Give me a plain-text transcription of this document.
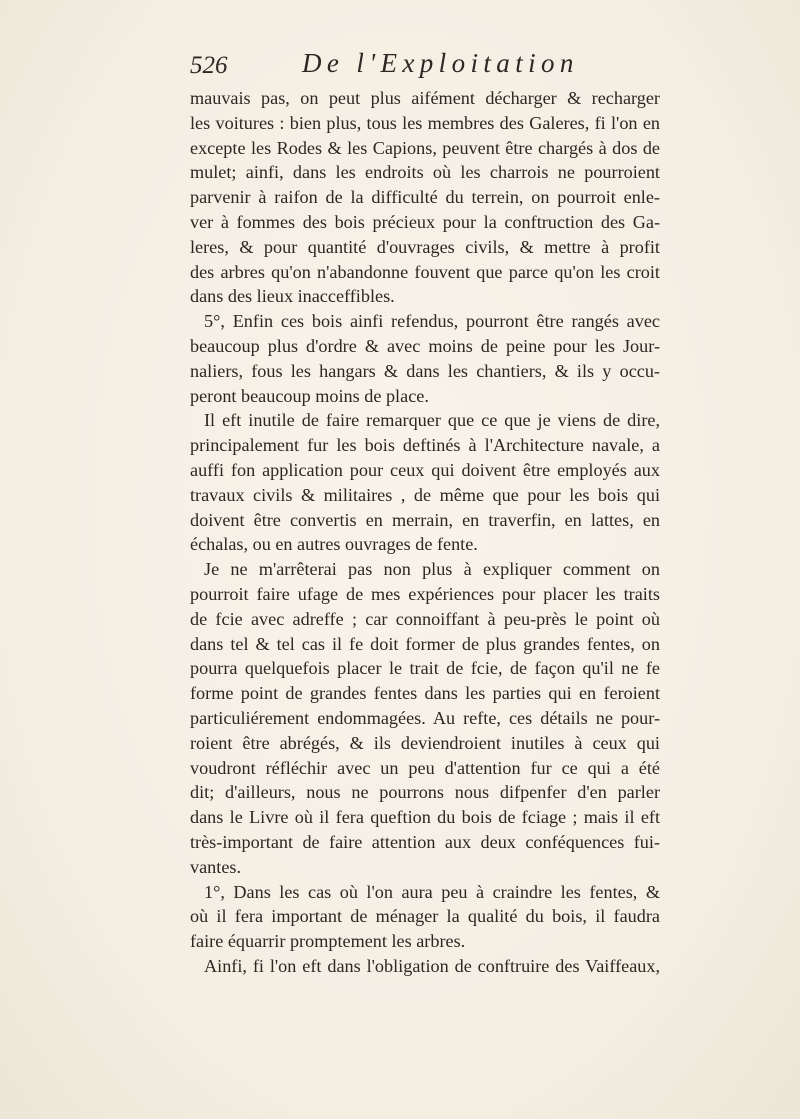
526	De l'Exploitation
mauvais pas, on peut plus aifément décharger & recharger
les voitures : bien plus, tous les membres des Galeres, fi l'on en
excepte les Rodes & les Capions, peuvent être chargés à dos de
mulet; ainfi, dans les endroits où les charrois ne pourroient
parvenir à raifon de la difficulté du terrein, on pourroit enle-
ver à fommes des bois précieux pour la conftruction des Ga-
leres, & pour quantité d'ouvrages civils, & mettre à profit
des arbres qu'on n'abandonne fouvent que parce qu'on les croit
dans des lieux inacceffibles.
5°, Enfin ces bois ainfi refendus, pourront être rangés avec
beaucoup plus d'ordre & avec moins de peine pour les Jour-
naliers, fous les hangars & dans les chantiers, & ils y occu-
peront beaucoup moins de place.
Il eft inutile de faire remarquer que ce que je viens de dire,
principalement fur les bois deftinés à l'Architecture navale, a
auffi fon application pour ceux qui doivent être employés aux
travaux civils & militaires , de même que pour les bois qui
doivent être convertis en merrain, en traverfin, en lattes, en
échalas, ou en autres ouvrages de fente.
Je ne m'arrêterai pas non plus à expliquer comment on
pourroit faire ufage de mes expériences pour placer les traits
de fcie avec adreffe ; car connoiffant à peu-près le point où
dans tel & tel cas il fe doit former de plus grandes fentes, on
pourra quelquefois placer le trait de fcie, de façon qu'il ne fe
forme point de grandes fentes dans les parties qui en feroient
particuliérement endommagées. Au refte, ces détails ne pour-
roient être abrégés, & ils deviendroient inutiles à ceux qui
voudront réfléchir avec un peu d'attention fur ce qui a été
dit; d'ailleurs, nous ne pourrons nous difpenfer d'en parler
dans le Livre où il fera queftion du bois de fciage ; mais il eft
très-important de faire attention aux deux conféquences fui-
vantes.
1°, Dans les cas où l'on aura peu à craindre les fentes, &
où il fera important de ménager la qualité du bois, il faudra
faire équarrir promptement les arbres.
Ainfi, fi l'on eft dans l'obligation de conftruire des Vaiffeaux,
